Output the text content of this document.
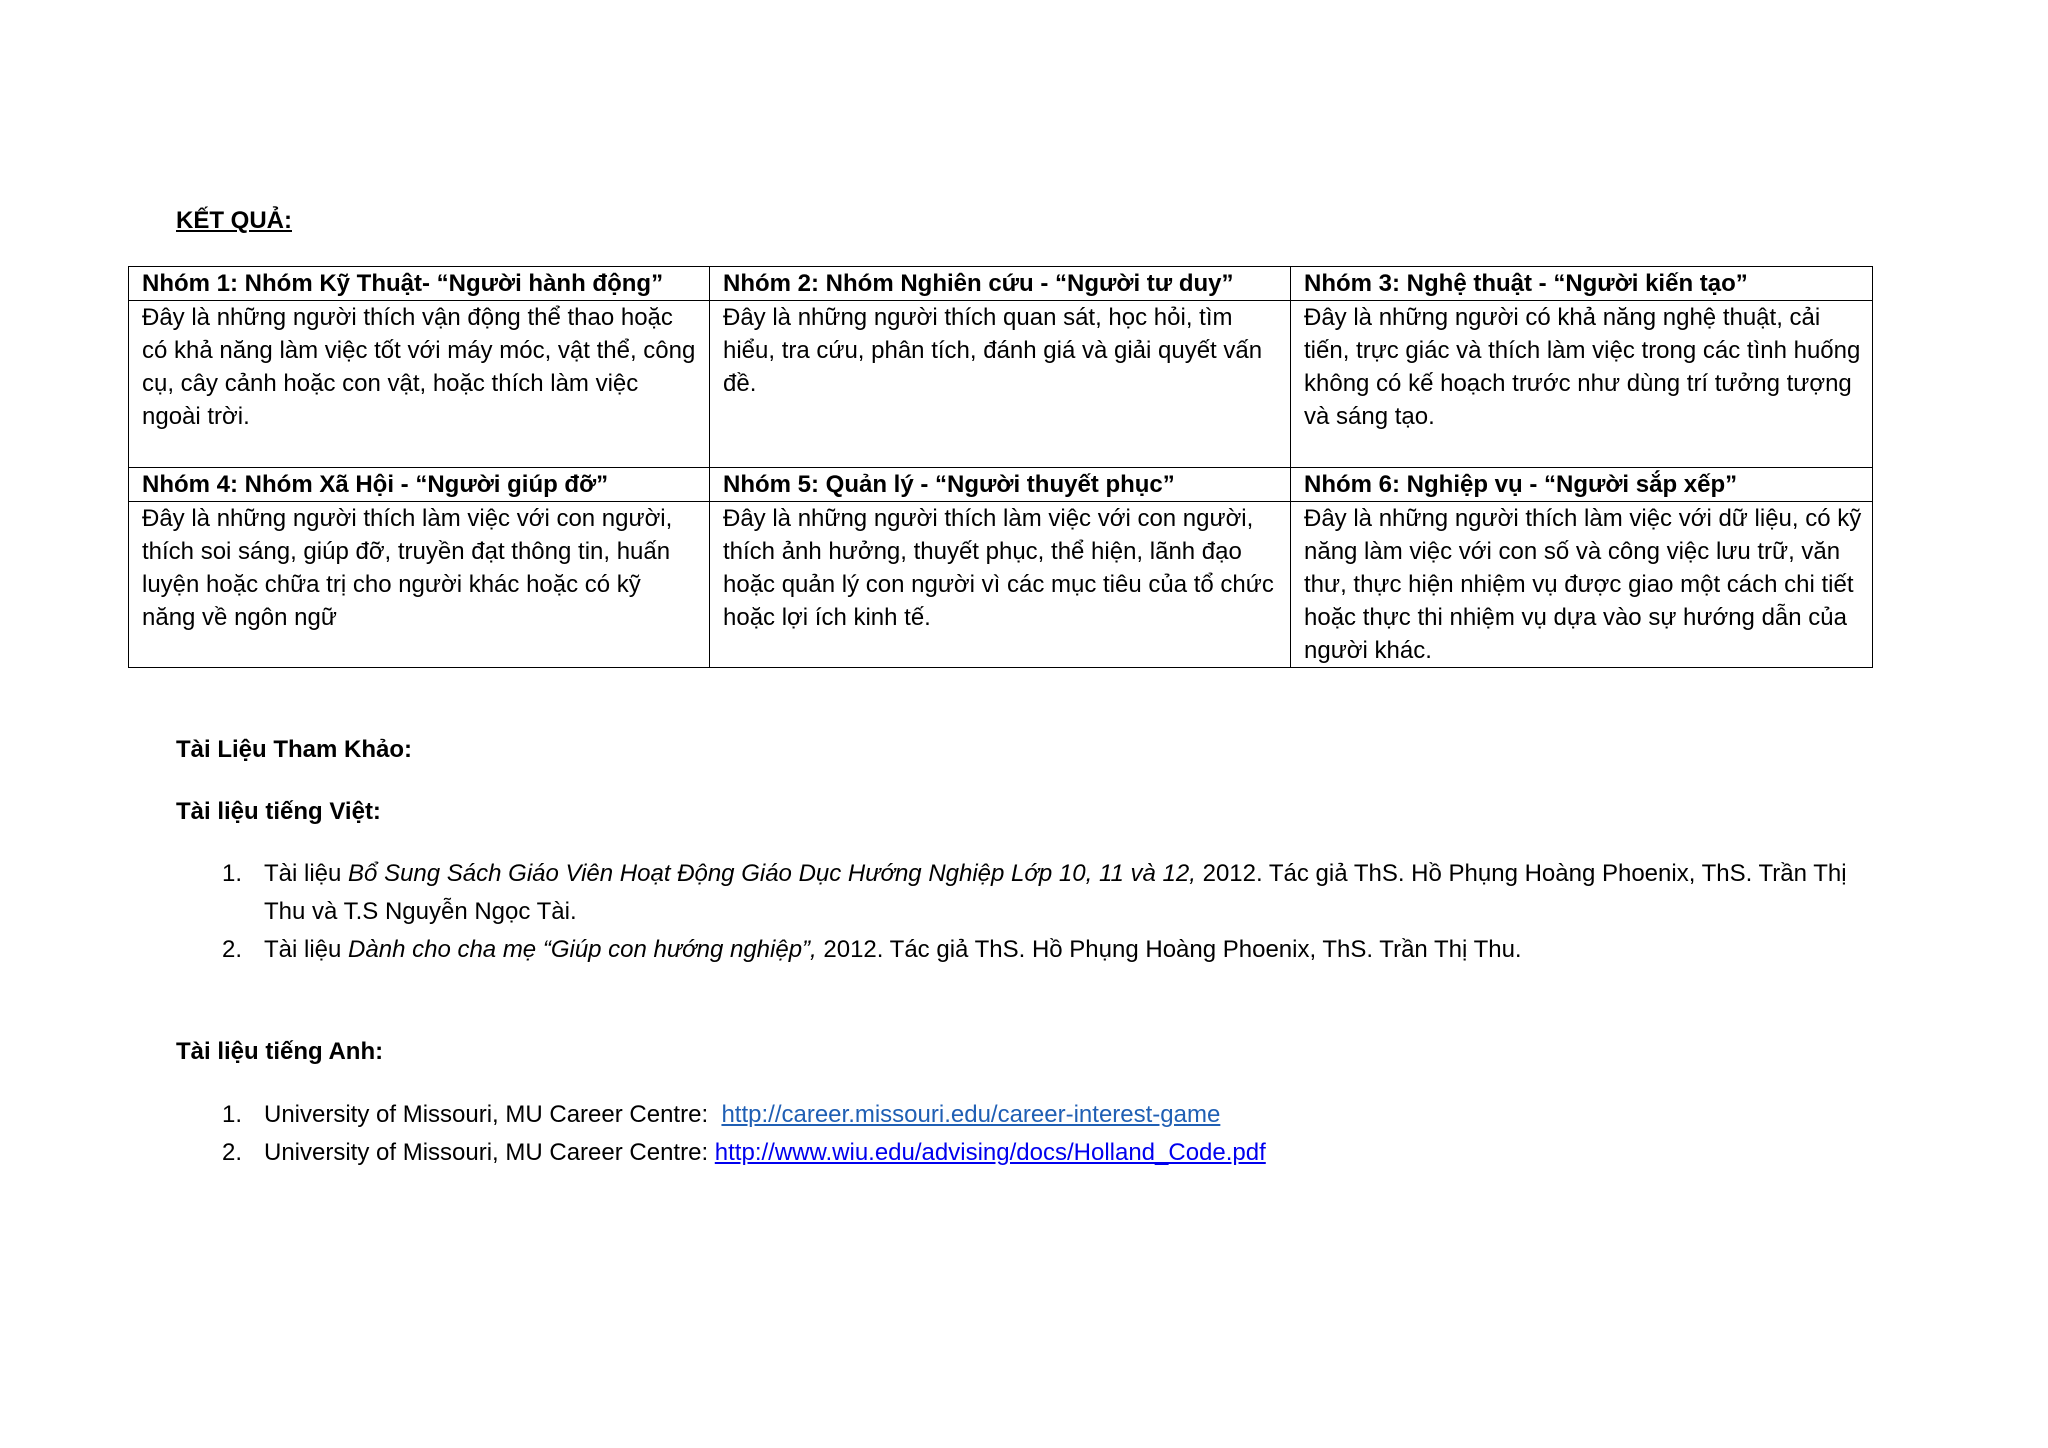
KẾT QUẢ:
Nhóm 1: Nhóm Kỹ Thuật- “Người hành động”	Nhóm 2: Nhóm Nghiên cứu - “Người tư duy”	Nhóm 3: Nghệ thuật - “Người kiến tạo”
Đây là những người thích vận động thể thao hoặc có khả năng làm việc tốt với máy móc, vật thể, công cụ, cây cảnh hoặc con vật, hoặc thích làm việc ngoài trời.	Đây là những người thích quan sát, học hỏi, tìm hiểu, tra cứu, phân tích, đánh giá và giải quyết vấn đề.	Đây là những người có khả năng nghệ thuật, cải tiến, trực giác và thích làm việc trong các tình huống không có kế hoạch trước như dùng trí tưởng tượng và sáng tạo.
Nhóm 4: Nhóm Xã Hội - “Người giúp đỡ”	Nhóm 5: Quản lý - “Người thuyết phục”	Nhóm 6: Nghiệp vụ - “Người sắp xếp”
Đây là những người thích làm việc với con người, thích soi sáng, giúp đỡ, truyền đạt thông tin, huấn luyện hoặc chữa trị cho người khác hoặc có kỹ năng về ngôn ngữ	Đây là những người thích làm việc với con người, thích ảnh hưởng, thuyết phục, thể hiện, lãnh đạo hoặc quản lý con người vì các mục tiêu của tổ chức hoặc lợi ích kinh tế.	Đây là những người thích làm việc với dữ liệu, có kỹ năng làm việc với con số và công việc lưu trữ, văn thư, thực hiện nhiệm vụ được giao một cách chi tiết hoặc thực thi nhiệm vụ dựa vào sự hướng dẫn của người khác.
Tài Liệu Tham Khảo:
Tài liệu tiếng Việt:
1. Tài liệu Bổ Sung Sách Giáo Viên Hoạt Động Giáo Dục Hướng Nghiệp Lớp 10, 11 và 12, 2012. Tác giả ThS. Hồ Phụng Hoàng Phoenix, ThS. Trần Thị Thu và T.S Nguyễn Ngọc Tài.
2. Tài liệu Dành cho cha mẹ “Giúp con hướng nghiệp”, 2012. Tác giả ThS. Hồ Phụng Hoàng Phoenix, ThS. Trần Thị Thu.
Tài liệu tiếng Anh:
1. University of Missouri, MU Career Centre:  http://career.missouri.edu/career-interest-game
2. University of Missouri, MU Career Centre: http://www.wiu.edu/advising/docs/Holland_Code.pdf
